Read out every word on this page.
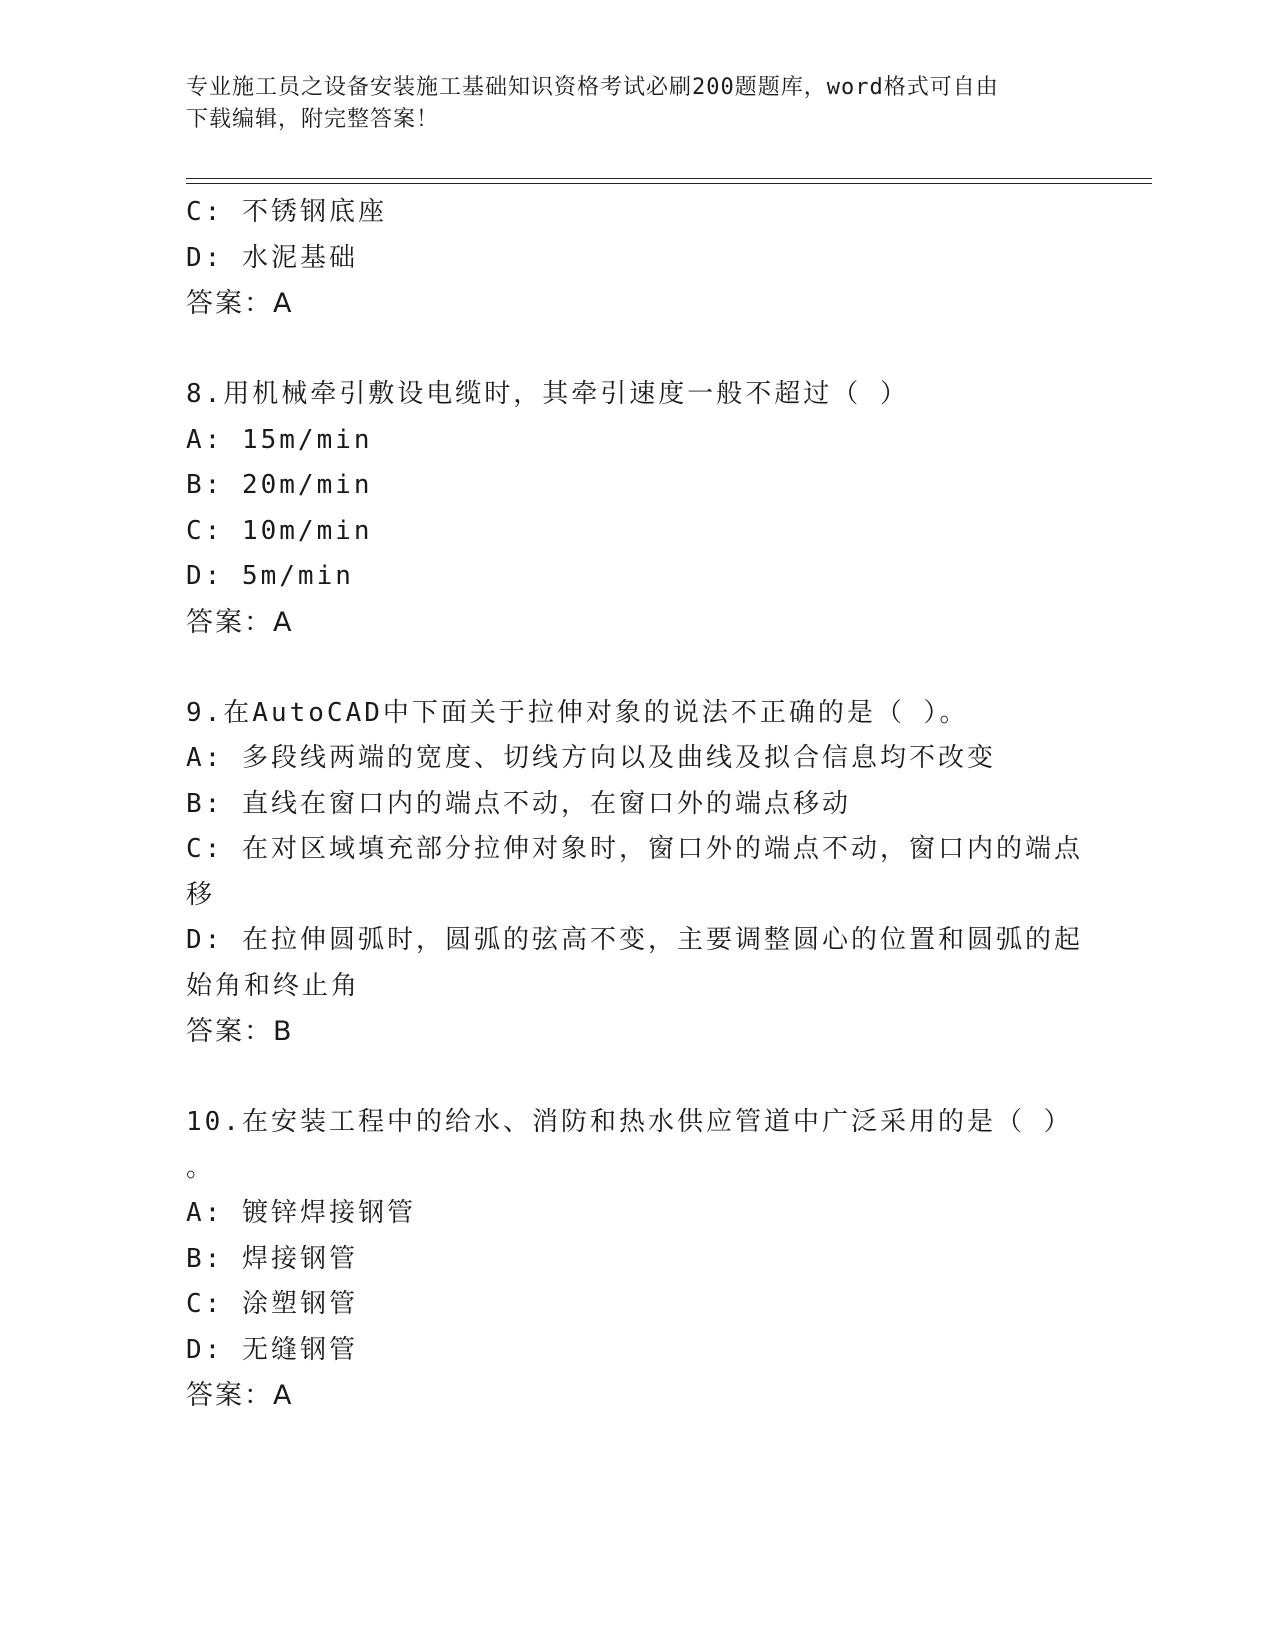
专业施工员之设备安装施工基础知识资格考试必刷200题题库，word格式可自由
下载编辑，附完整答案！
C: 不锈钢底座
D: 水泥基础
答案：A
8.用机械牵引敷设电缆时，其牵引速度一般不超过（ ）
A: 15m/min
B: 20m/min
C: 10m/min
D: 5m/min
答案：A
9.在AutoCAD中下面关于拉伸对象的说法不正确的是（ ）。
A: 多段线两端的宽度、切线方向以及曲线及拟合信息均不改变
B: 直线在窗口内的端点不动，在窗口外的端点移动
C: 在对区域填充部分拉伸对象时，窗口外的端点不动，窗口内的端点
移
D: 在拉伸圆弧时，圆弧的弦高不变，主要调整圆心的位置和圆弧的起
始角和终止角
答案：B
10.在安装工程中的给水、消防和热水供应管道中广泛采用的是（ ）
。
A: 镀锌焊接钢管
B: 焊接钢管
C: 涂塑钢管
D: 无缝钢管
答案：A
